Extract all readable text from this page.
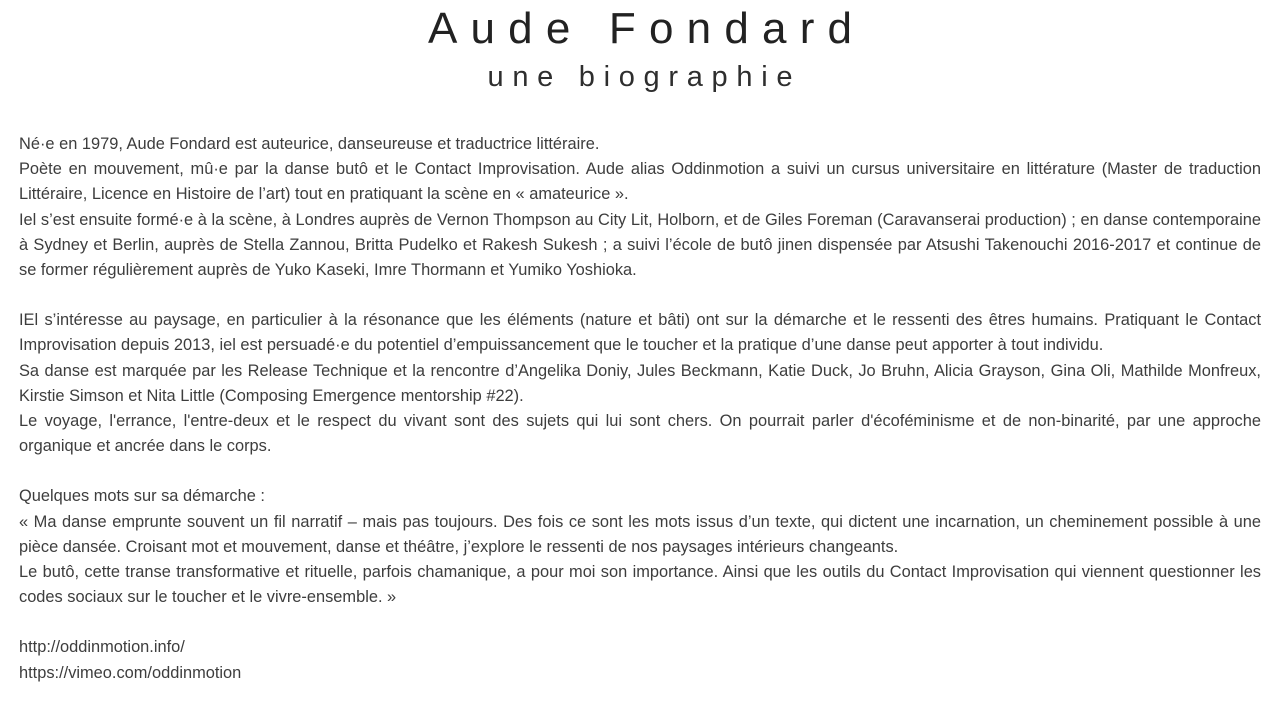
Aude Fondard
une biographie

Né·e en 1979, Aude Fondard est auteurice, danseureuse et traductrice littéraire.

Poète en mouvement, mû·e par la danse butô et le Contact Improvisation. Aude alias Oddinmotion a suivi un cursus universitaire en littérature (Master de traduction Littéraire, Licence en Histoire de l’art) tout en pratiquant la scène en « amateurice ».

Iel s’est ensuite formé·e à la scène, à Londres auprès de Vernon Thompson au City Lit, Holborn, et de Giles Foreman (Caravanserai production) ; en danse contemporaine à Sydney et Berlin, auprès de Stella Zannou, Britta Pudelko et Rakesh Sukesh ; a suivi l’école de butô jinen dispensée par Atsushi Takenouchi 2016-2017 et continue de se former régulièrement auprès de Yuko Kaseki, Imre Thormann et Yumiko Yoshioka.

IEl s’intéresse au paysage, en particulier à la résonance que les éléments (nature et bâti) ont sur la démarche et le ressenti des êtres humains. Pratiquant le Contact Improvisation depuis 2013, iel est persuadé·e du potentiel d’empuissancement que le toucher et la pratique d’une danse peut apporter à tout individu.

Sa danse est marquée par les Release Technique et la rencontre d’Angelika Doniy, Jules Beckmann, Katie Duck, Jo Bruhn, Alicia Grayson, Gina Oli, Mathilde Monfreux, Kirstie Simson et Nita Little (Composing Emergence mentorship #22).

Le voyage, l'errance, l'entre-deux et le respect du vivant sont des sujets qui lui sont chers. On pourrait parler d'écoféminisme et de non-binarité, par une approche organique et ancrée dans le corps.

Quelques mots sur sa démarche :

« Ma danse emprunte souvent un fil narratif – mais pas toujours. Des fois ce sont les mots issus d’un texte, qui dictent une incarnation, un cheminement possible à une pièce dansée. Croisant mot et mouvement, danse et théâtre, j’explore le ressenti de nos paysages intérieurs changeants.

Le butô, cette transe transformative et rituelle, parfois chamanique, a pour moi son importance. Ainsi que les outils du Contact Improvisation qui viennent questionner les codes sociaux sur le toucher et le vivre-ensemble. »

http://oddinmotion.info/

https://vimeo.com/oddinmotion
